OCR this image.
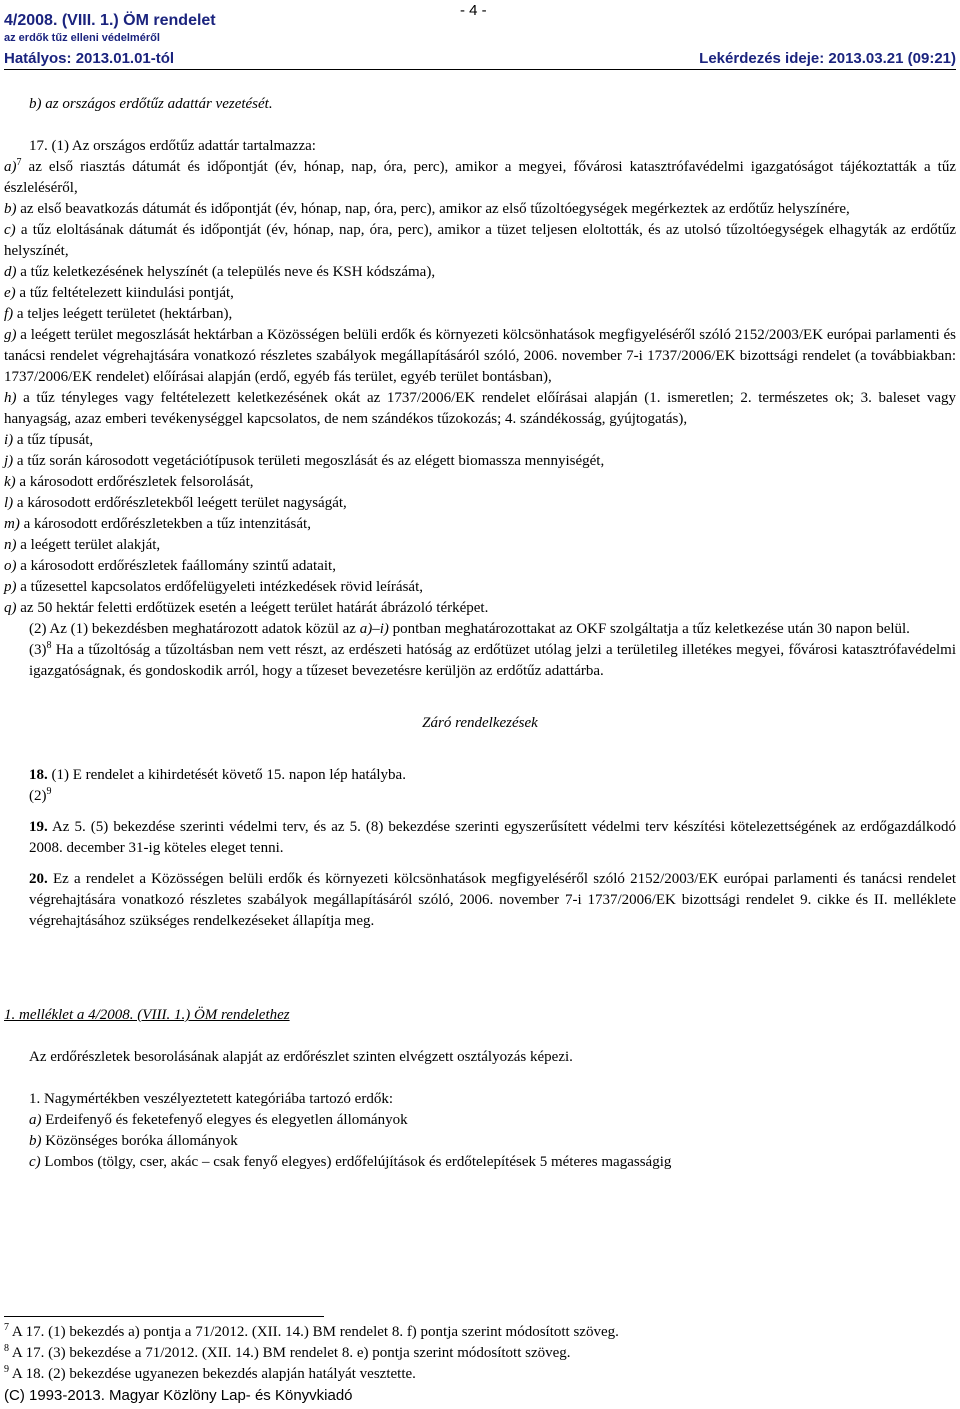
- 4 -
4/2008. (VIII. 1.) ÖM rendelet
az erdők tűz elleni védelméről
Hatályos: 2013.01.01-tól	Lekérdezés ideje: 2013.03.21 (09:21)

b) az országos erdőtűz adattár vezetését.

17. (1) Az országos erdőtűz adattár tartalmazza:

a)$^7$ az első riasztás dátumát és időpontját (év, hónap, nap, óra, perc), amikor a megyei, fővárosi katasztrófavédelmi igazgatóságot tájékoztatták a tűz észleléséről,

b) az első beavatkozás dátumát és időpontját (év, hónap, nap, óra, perc), amikor az első tűzoltóegységek megérkeztek az erdőtűz helyszínére,

c) a tűz eloltásának dátumát és időpontját (év, hónap, nap, óra, perc), amikor a tüzet teljesen eloltották, és az utolsó tűzoltóegységek elhagyták az erdőtűz helyszínét,

d) a tűz keletkezésének helyszínét (a település neve és KSH kódszáma),

e) a tűz feltételezett kiindulási pontját,

f) a teljes leégett területet (hektárban),

g) a leégett terület megoszlását hektárban a Közösségen belüli erdők és környezeti kölcsönhatások megfigyeléséről szóló 2152/2003/EK európai parlamenti és tanácsi rendelet végrehajtására vonatkozó részletes szabályok megállapításáról szóló, 2006. november 7-i 1737/2006/EK bizottsági rendelet (a továbbiakban: 1737/2006/EK rendelet) előírásai alapján (erdő, egyéb fás terület, egyéb terület bontásban),

h) a tűz tényleges vagy feltételezett keletkezésének okát az 1737/2006/EK rendelet előírásai alapján (1. ismeretlen; 2. természetes ok; 3. baleset vagy hanyagság, azaz emberi tevékenységgel kapcsolatos, de nem szándékos tűzokozás; 4. szándékosság, gyújtogatás),

i) a tűz típusát,

j) a tűz során károsodott vegetációtípusok területi megoszlását és az elégett biomassza mennyiségét,

k) a károsodott erdőrészletek felsorolását,

l) a károsodott erdőrészletekből leégett terület nagyságát,

m) a károsodott erdőrészletekben a tűz intenzitását,

n) a leégett terület alakját,

o) a károsodott erdőrészletek faállomány szintű adatait,

p) a tűzesettel kapcsolatos erdőfelügyeleti intézkedések rövid leírását,

q) az 50 hektár feletti erdőtüzek esetén a leégett terület határát ábrázoló térképet.

(2) Az (1) bekezdésben meghatározott adatok közül az a)–i) pontban meghatározottakat az OKF szolgáltatja a tűz keletkezése után 30 napon belül.

$(3)^8$ Ha a tűzoltóság a tűzoltásban nem vett részt, az erdészeti hatóság az erdőtüzet utólag jelzi a területileg illetékes megyei, fővárosi katasztrófavédelmi igazgatóságnak, és gondoskodik arról, hogy a tűzeset bevezetésre kerüljön az erdőtűz adattárba.

Záró rendelkezések

18. (1) E rendelet a kihirdetését követő 15. napon lép hatályba.

$(2)^9$

19. Az 5. (5) bekezdése szerinti védelmi terv, és az 5. (8) bekezdése szerinti egyszerűsített védelmi terv készítési kötelezettségének az erdőgazdálkodó 2008. december 31-ig köteles eleget tenni.

20. Ez a rendelet a Közösségen belüli erdők és környezeti kölcsönhatások megfigyeléséről szóló 2152/2003/EK európai parlamenti és tanácsi rendelet végrehajtására vonatkozó részletes szabályok megállapításáról szóló, 2006. november 7-i 1737/2006/EK bizottsági rendelet 9. cikke és II. melléklete végrehajtásához szükséges rendelkezéseket állapítja meg.

1. melléklet a 4/2008. (VIII. 1.) ÖM rendelethez

Az erdőrészletek besorolásának alapját az erdőrészlet szinten elvégzett osztályozás képezi.

1. Nagymértékben veszélyeztetett kategóriába tartozó erdők:

a) Erdeifenyő és feketefenyő elegyes és elegyetlen állományok

b) Közönséges boróka állományok

c) Lombos (tölgy, cser, akác – csak fenyő elegyes) erdőfelújítások és erdőtelepítések 5 méteres magasságig

$^7$ A 17. (1) bekezdés a) pontja a 71/2012. (XII. 14.) BM rendelet 8. f) pontja szerint módosított szöveg.
$^8$ A 17. (3) bekezdése a 71/2012. (XII. 14.) BM rendelet 8. e) pontja szerint módosított szöveg.
$^9$ A 18. (2) bekezdése ugyanezen bekezdés alapján hatályát vesztette.
(C) 1993-2013. Magyar Közlöny Lap- és Könyvkiadó
